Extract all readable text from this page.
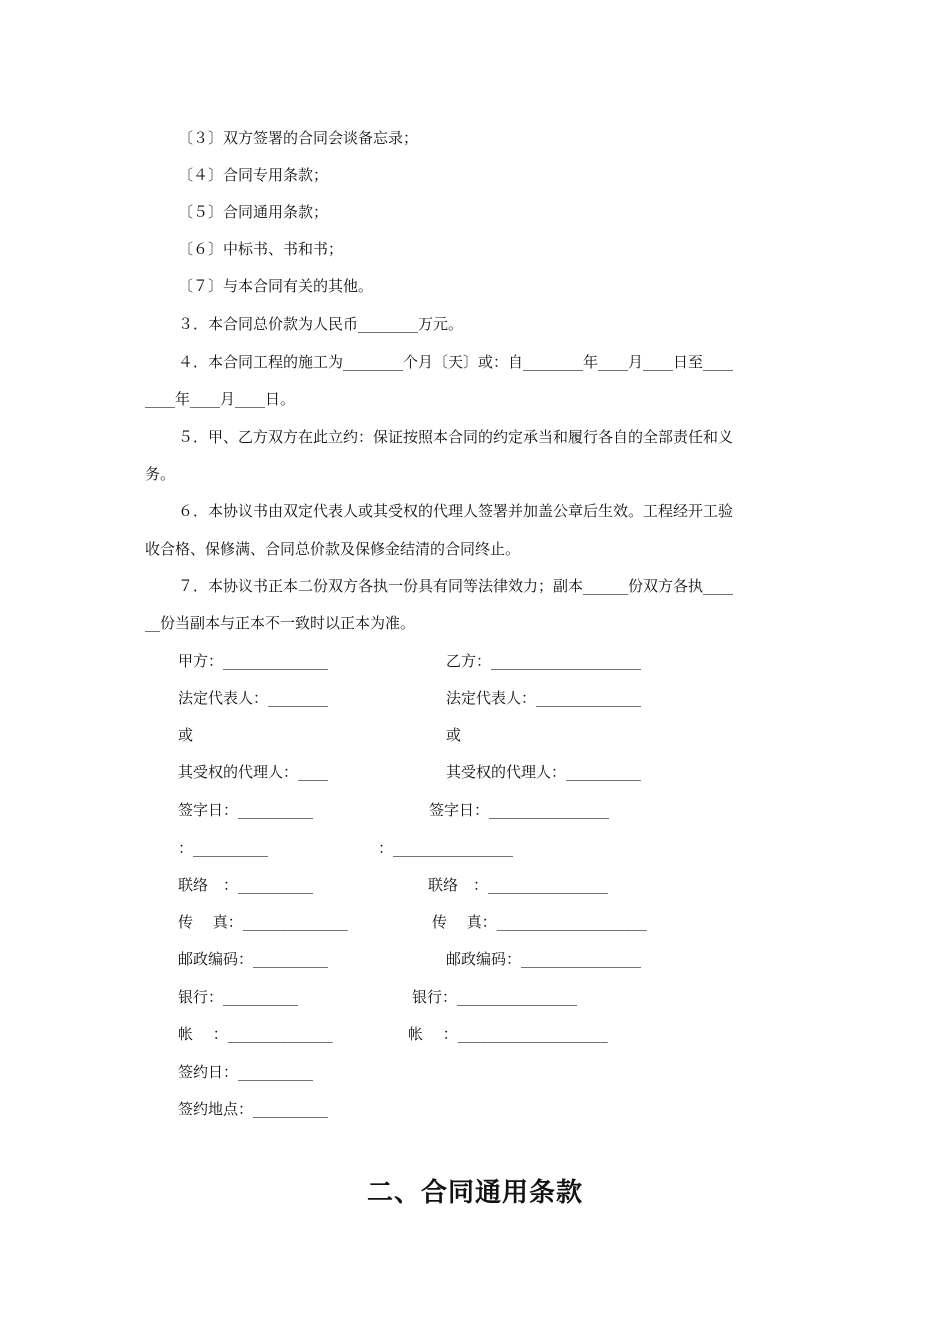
〔３〕双方签署的合同会谈备忘录；
〔４〕合同专用条款；
〔５〕合同通用条款；
〔６〕中标书、书和书；
〔７〕与本合同有关的其他。
３．本合同总价款为人民币________万元。
４．本合同工程的施工为________个月〔天〕或：自________年____月____日至____
____年____月____日。
５．甲、乙方双方在此立约：保证按照本合同的约定承当和履行各自的全部责任和义
务。
６．本协议书由双定代表人或其受权的代理人签署并加盖公章后生效。工程经开工验
收合格、保修满、合同总价款及保修金结清的合同终止。
７．本协议书正本二份双方各执一份具有同等法律效力；副本______份双方各执____
__份当副本与正本不一致时以正本为准。
甲方：______________
法定代表人：________
或
其受权的代理人：____
签字日：__________
：__________
联络　：__________
传　 真：______________
邮政编码：__________
银行：__________
帐　 ：______________
签约日：__________
签约地点：__________
乙方：____________________
法定代表人：______________
或
其受权的代理人：__________
签字日：________________
：________________
联络　：________________
传　 真：____________________
邮政编码：________________
银行：________________
帐　 ：____________________
二、合同通用条款
